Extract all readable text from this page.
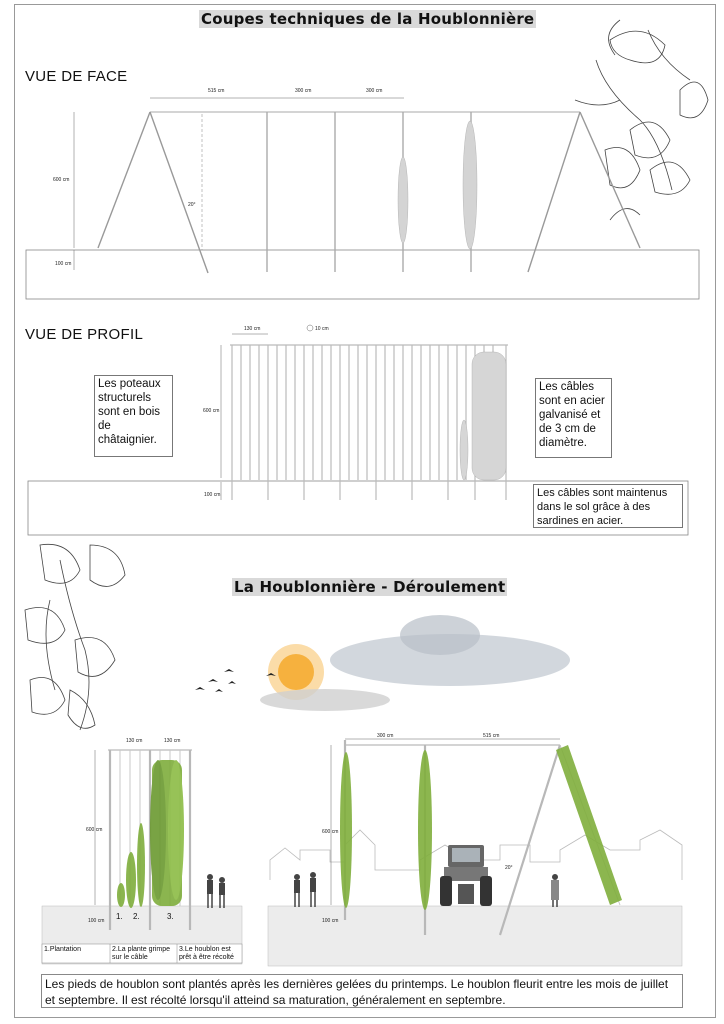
Coupes techniques de la Houblonnière
VUE DE FACE
515 cm	300 cm	300 cm
600 cm
100 cm
20°
VUE DE PROFIL	130 cm	10 cm
600 cm
100 cm
Les poteaux structurels sont en bois de châtaignier.
Les câbles sont en acier galvanisé et de 3 cm de diamètre.
Les câbles sont maintenus dans le sol grâce à des sardines en acier.
La Houblonnière - Déroulement
130 cm	130 cm
600 cm
100 cm 1. 2.	3.
1.Plantation	2.La plante grimpe sur le câble
3.Le houblon est prêt à être récolté
300 cm	515 cm
600 cm
100 cm
20°
Les pieds de houblon sont plantés après les dernières gelées du printemps. Le houblon fleurit entre les mois de juillet et septembre. Il est récolté lorsqu'il atteind sa maturation, généralement en septembre.
